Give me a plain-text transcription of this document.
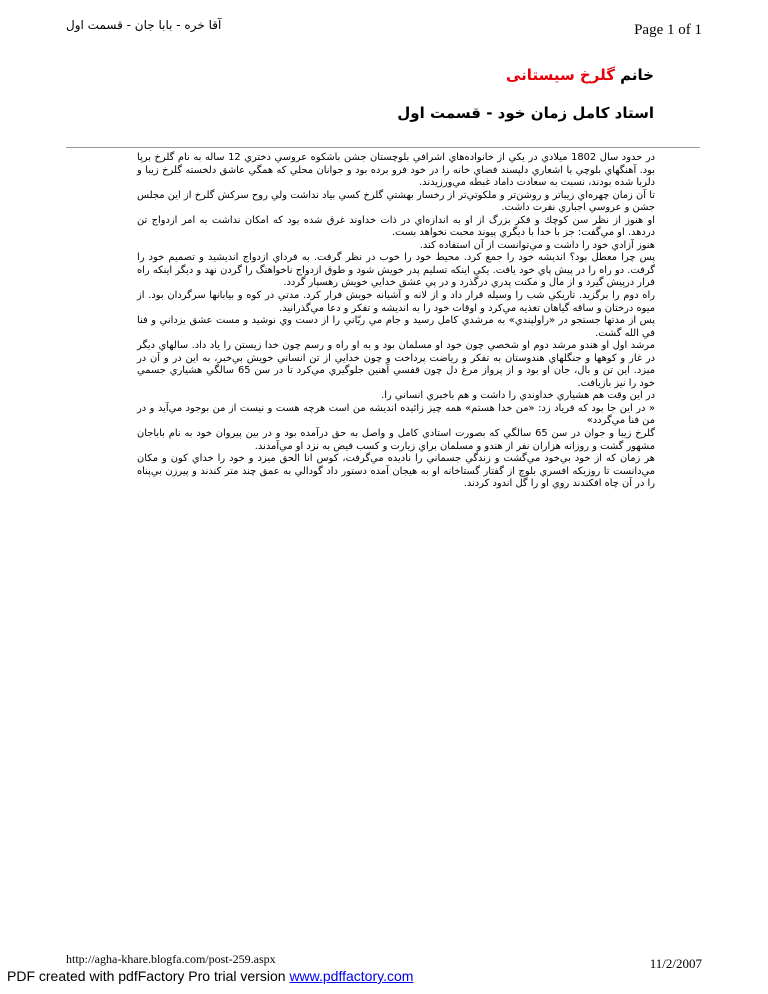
آقا خره - بابا جان - قسمت اول	Page 1 of 1
خانم گلرخ سیستانی
استاد کامل زمان خود - قسمت اول

در حدود سال 1802 ميلادي در يكي از خانواده‌هاي اشرافي بلوچستان جشن باشكوه عروسي دختري 12 ساله به نام گلرخ برپا بود. آهنگهاي بلوچي با اشعاري دلپسند فضاي خانه را در خود فرو برده بود و جوانان محلي كه همگي عاشق دلخسته گلرخ زيبا و دلربا شده بودند، نسبت به سعادت داماد غبطه مي‌ورزيدند.

تا آن زمان چهره‌اي زيباتر و روشن‌تر و ملكوتي‌تر از رخسار بهشتي گلرخ كسي بياد نداشت ولي روح سركش گلرخ از اين مجلس جشن و عروسي اجباري نفرت داشت.

او هنوز از نظر سن كوچك و فكر بزرگ از او به اندازه‌اي در ذات خداوند غرق شده بود كه امكان نداشت به امر ازدواج تن دردهد. او مي‌گفت: جز با خدا با ديگري پيوند محبت نخواهد بست.

هنوز آزادي خود را داشت و مي‌توانست از آن استفاده كند.

پس چرا معطل بود؟ انديشه خود را جمع كرد. محيط خود را خوب در نظر گرفت. به فرداي ازدواج انديشيد و تصميم خود را گرفت. دو راه را در پيش پاي خود يافت. يكي اينكه تسليم پدر خويش شود و طوق ازدواج ناخواهنگ را گردن نهد و ديگر اينكه راه فرار درپيش گيرد و از مال و مكنت پدري درگذرد و در پي عشق خدايي خويش رهسپار گردد.

راه دوم را برگزيد. تاريكي شب را وسيله قرار داد و از لانه و آشيانه خويش فرار كرد. مدتي در كوه و بيابانها سرگردان بود. از ميوه درختان و ساقه گياهان تغذيه مي‌كرد و اوقات خود را به انديشه و تفكر و دعا مي‌گذرانيد.

پس از مدتها جستجو در «راولپندي» به مرشدي كامل رسيد و جام مي ربّاني را از دست وي نوشيد و مست عشق يزداني و فنا في الله گشت.

مرشد اول او هندو مرشد دوم او شخصي چون خود او مسلمان بود و به او راه و رسم چون خدا زيستن را ياد داد. سالهاي ديگر در غار و كوهها و جنگلهاي هندوستان به تفكر و رياضت پرداخت و چون خدايي از تن انساني خويش بي‌خبر، به اين در و آن در ميزد. اين تن و بال، جان او بود و از پرواز مرغ دل چون قفسي آهنين جلوگيري مي‌كرد تا در سن 65 سالگي هشياري جسمي خود را نيز بازيافت.

در اين وقت هم هشياري خداوندي را داشت و هم باخبري انساني را.

« در اين جا بود كه فرياد زد: «من خدا هستم» همه چيز زائيده انديشه من است هرچه هست و نيست از من بوجود مي‌آيد و در من فنا مي‌گردد»

گلرخ زيبا و جوان در سن 65 سالگي كه بصورت استادي كامل و واصل به حق درآمده بود و در بين پيروان خود به نام باباجان مشهور گشت و روزانه هزاران نفر از هندو و مسلمان براي زيارت و كسب فيض به نزد او مي‌آمدند.

هر زمان كه از خود بي‌خود مي‌گشت و زندگي جسماني را ناديده مي‌گرفت، كوس انا الحق ميزد و خود را خداي كون و مكان مي‌دانست تا روزيكه افسري بلوچ از گفتار گستاخانه او به هيجان آمده دستور داد گودالي به عمق چند متر كندند و پيرزن بي‌پناه را در آن چاه افكندند روي او را گل اندود كردند.

http://agha-khare.blogfa.com/post-259.aspx	11/2/2007
PDF created with pdfFactory Pro trial version www.pdffactory.com
